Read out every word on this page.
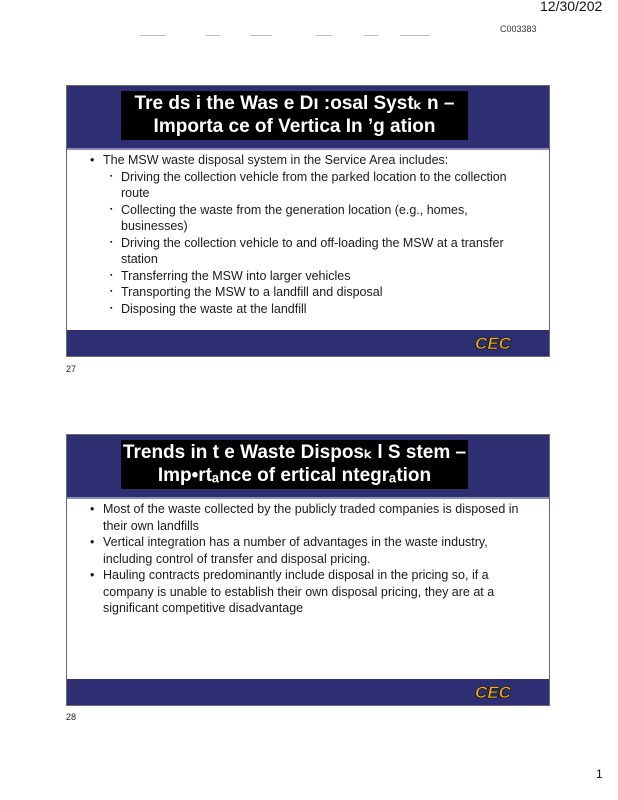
12/30/202
C003383
Tre ds i the Was e Dı :osal Systₖ n –
Importa ce of Vertica In ʼg ation
• The MSW waste disposal system in the Service Area includes:
▪ Driving the collection vehicle from the parked location to the collection route
▪ Collecting the waste from the generation location (e.g., homes, businesses)
▪ Driving the collection vehicle to and off-loading the MSW at a transfer station
▪ Transferring the MSW into larger vehicles
▪ Transporting the MSW to a landfill and disposal
▪ Disposing the waste at the landfill
CEC
27
Trends in t e Waste Disposₖ l S stem –
Imp•rtₐnce of ertical ntegrₐtion
• Most of the waste collected by the publicly traded companies is disposed in their own landfills
• Vertical integration has a number of advantages in the waste industry, including control of transfer and disposal pricing.
• Hauling contracts predominantly include disposal in the pricing so, if a company is unable to establish their own disposal pricing, they are at a significant competitive disadvantage
CEC
28
1
